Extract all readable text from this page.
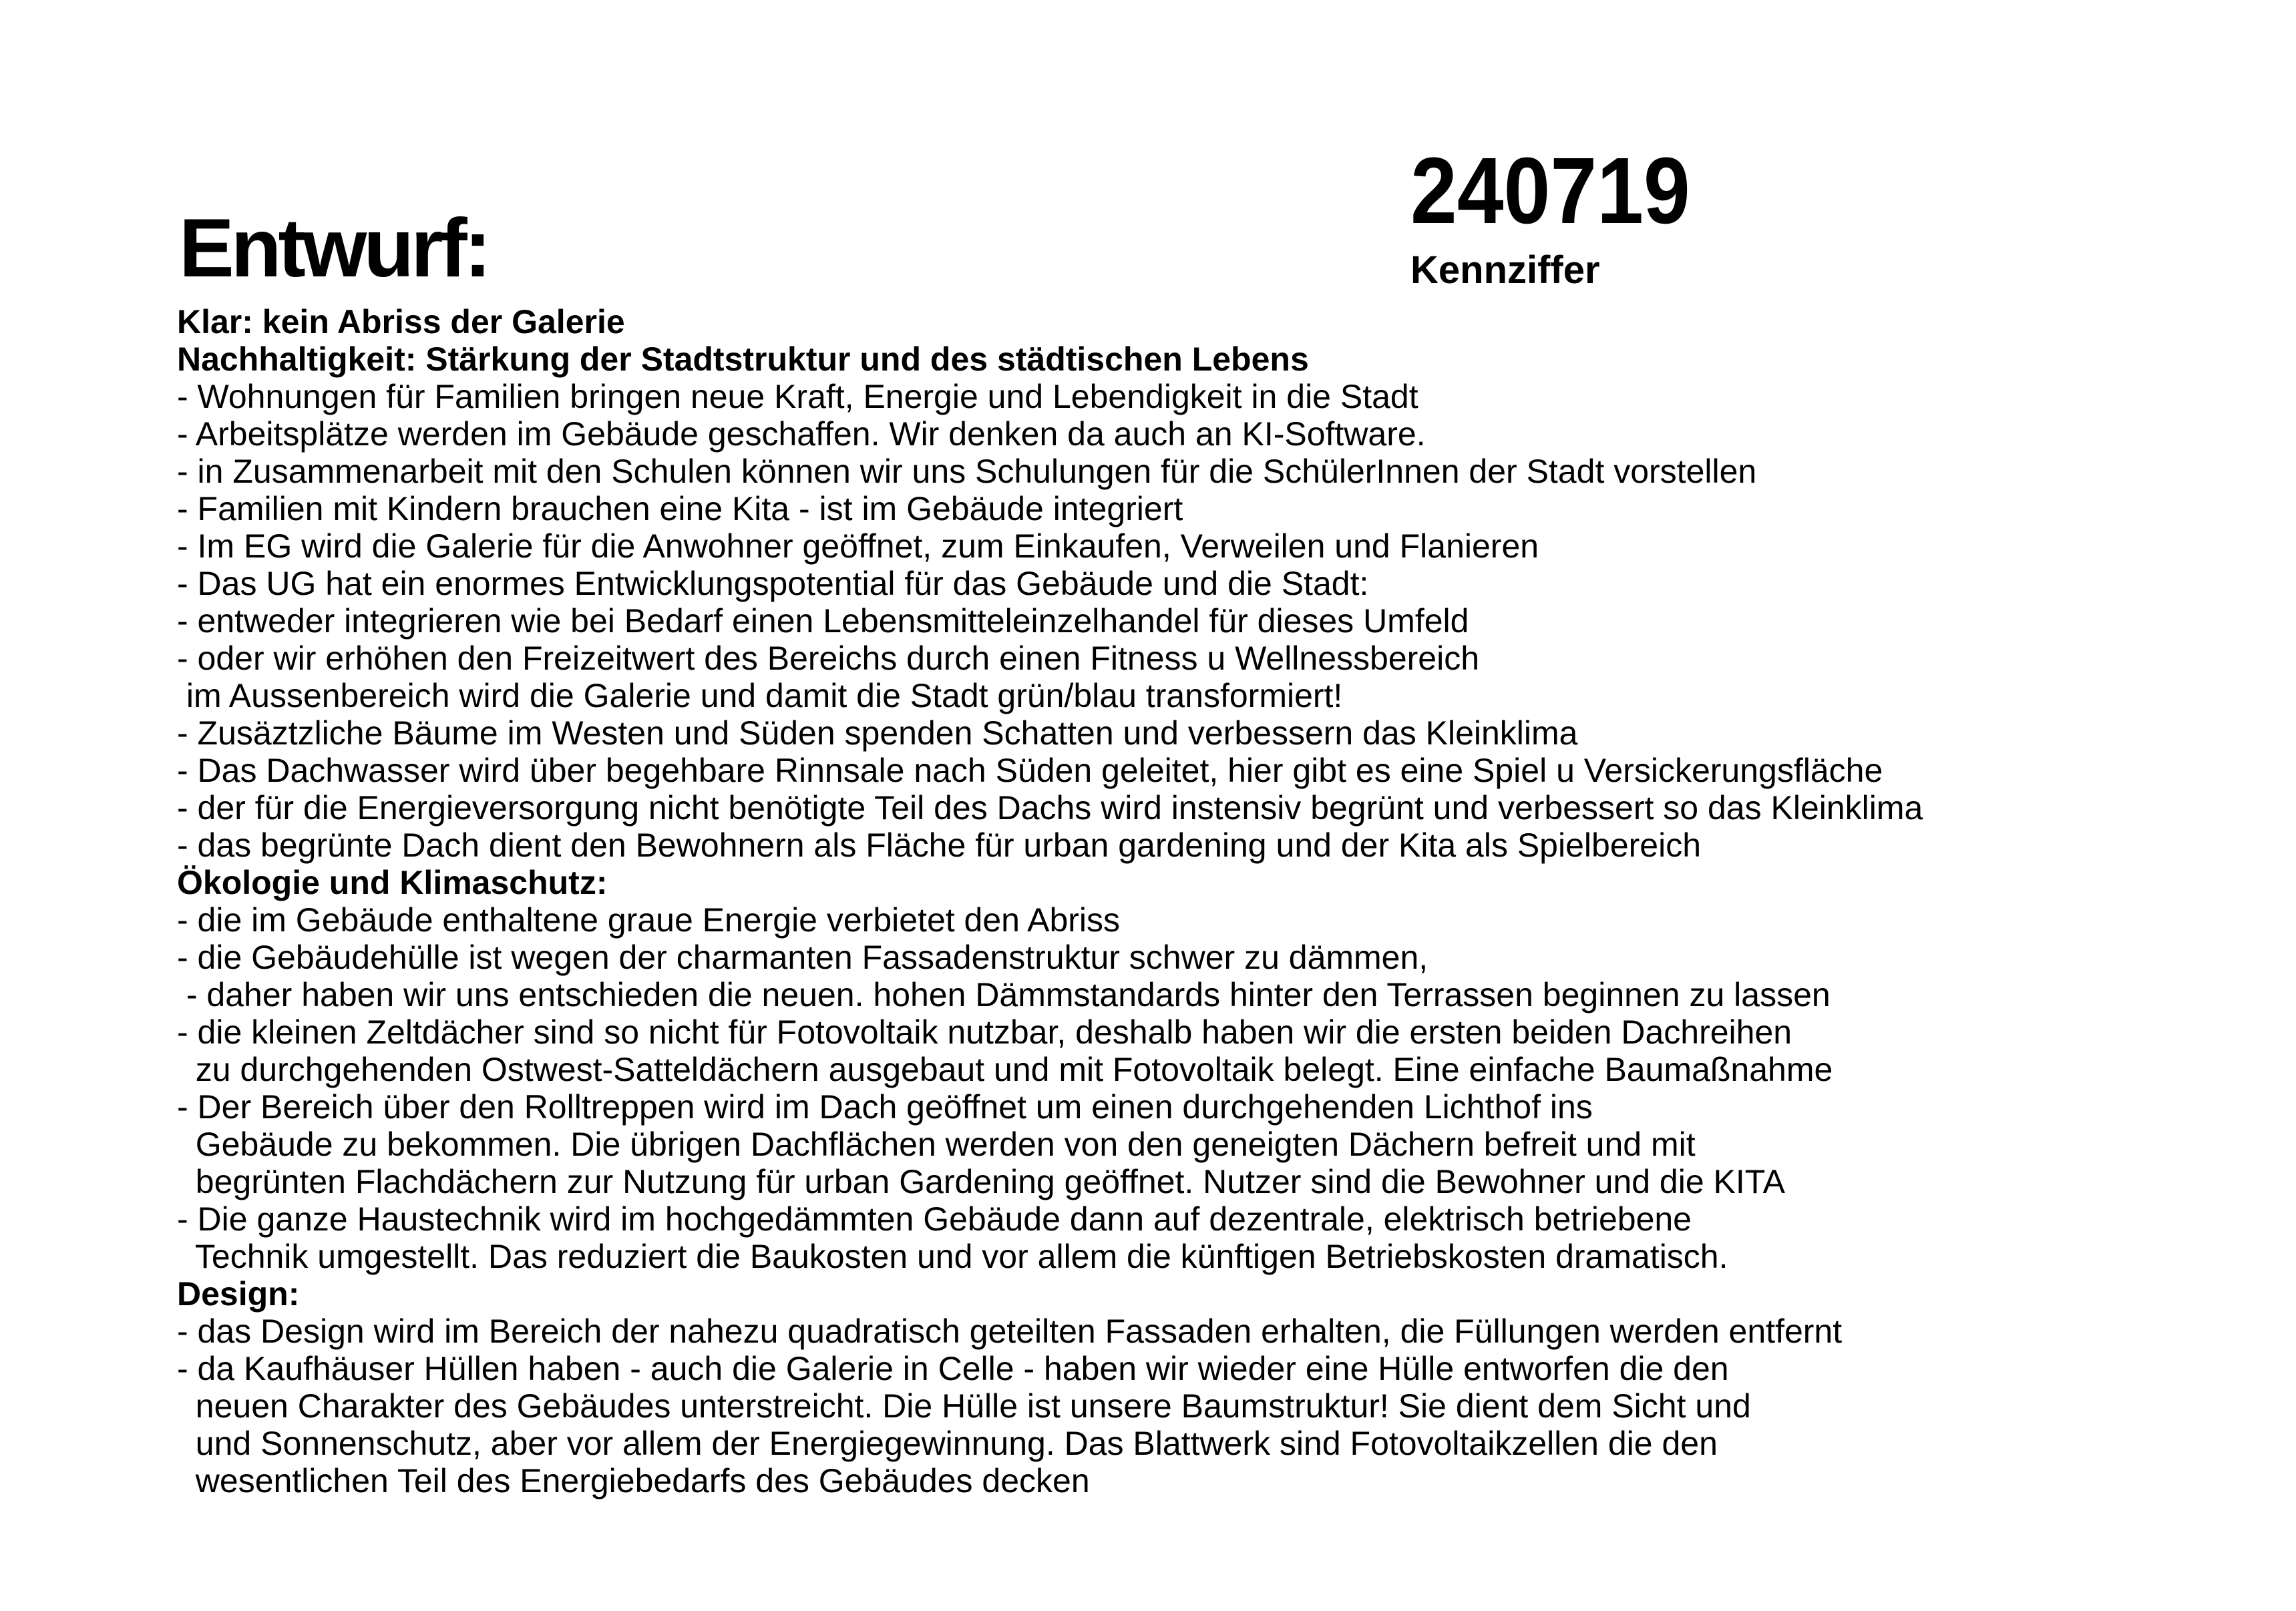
Entwurf:
240719
Kennziffer
Klar: kein Abriss der Galerie
Nachhaltigkeit: Stärkung der Stadtstruktur und des städtischen Lebens
- Wohnungen für Familien bringen neue Kraft, Energie und Lebendigkeit in die Stadt
- Arbeitsplätze werden im Gebäude geschaffen. Wir denken da auch an KI-Software.
- in Zusammenarbeit mit den Schulen können wir uns Schulungen für die SchülerInnen der Stadt vorstellen
- Familien mit Kindern brauchen eine Kita - ist im Gebäude integriert
- Im EG wird die Galerie für die Anwohner geöffnet, zum Einkaufen, Verweilen und Flanieren
- Das UG hat ein enormes Entwicklungspotential für das Gebäude und die Stadt:
- entweder integrieren wie bei Bedarf einen Lebensmitteleinzelhandel für dieses Umfeld
- oder wir erhöhen den Freizeitwert des Bereichs durch einen Fitness u Wellnessbereich
im Aussenbereich wird die Galerie und damit die Stadt grün/blau transformiert!
- Zusäztzliche Bäume im Westen und Süden spenden Schatten und verbessern das Kleinklima
- Das Dachwasser wird über begehbare Rinnsale nach Süden geleitet, hier gibt es eine Spiel u Versickerungsfläche
- der für die Energieversorgung nicht benötigte Teil des Dachs wird instensiv begrünt und verbessert so das Kleinklima
- das begrünte Dach dient den Bewohnern als Fläche für urban gardening und der Kita als Spielbereich
Ökologie und Klimaschutz:
- die im Gebäude enthaltene graue Energie verbietet den Abriss
- die Gebäudehülle ist wegen der charmanten Fassadenstruktur schwer zu dämmen,
- daher haben wir uns entschieden die neuen. hohen Dämmstandards hinter den Terrassen beginnen zu lassen
- die kleinen Zeltdächer sind so nicht für Fotovoltaik nutzbar, deshalb haben wir die ersten beiden Dachreihen
zu durchgehenden Ostwest-Satteldächern ausgebaut und mit Fotovoltaik belegt. Eine einfache Baumaßnahme
- Der Bereich über den Rolltreppen wird im Dach geöffnet um einen durchgehenden Lichthof ins
Gebäude zu bekommen. Die übrigen Dachflächen werden von den geneigten Dächern befreit und mit
begrünten Flachdächern zur Nutzung für urban Gardening geöffnet. Nutzer sind die Bewohner und die KITA
- Die ganze Haustechnik wird im hochgedämmten Gebäude dann auf dezentrale, elektrisch betriebene
Technik umgestellt. Das reduziert die Baukosten und vor allem die künftigen Betriebskosten dramatisch.
Design:
- das Design wird im Bereich der nahezu quadratisch geteilten Fassaden erhalten, die Füllungen werden entfernt
- da Kaufhäuser Hüllen haben - auch die Galerie in Celle - haben wir wieder eine Hülle entworfen die den
neuen Charakter des Gebäudes unterstreicht. Die Hülle ist unsere Baumstruktur! Sie dient dem Sicht und
und Sonnenschutz, aber vor allem der Energiegewinnung. Das Blattwerk sind Fotovoltaikzellen die den
wesentlichen Teil des Energiebedarfs des Gebäudes decken
